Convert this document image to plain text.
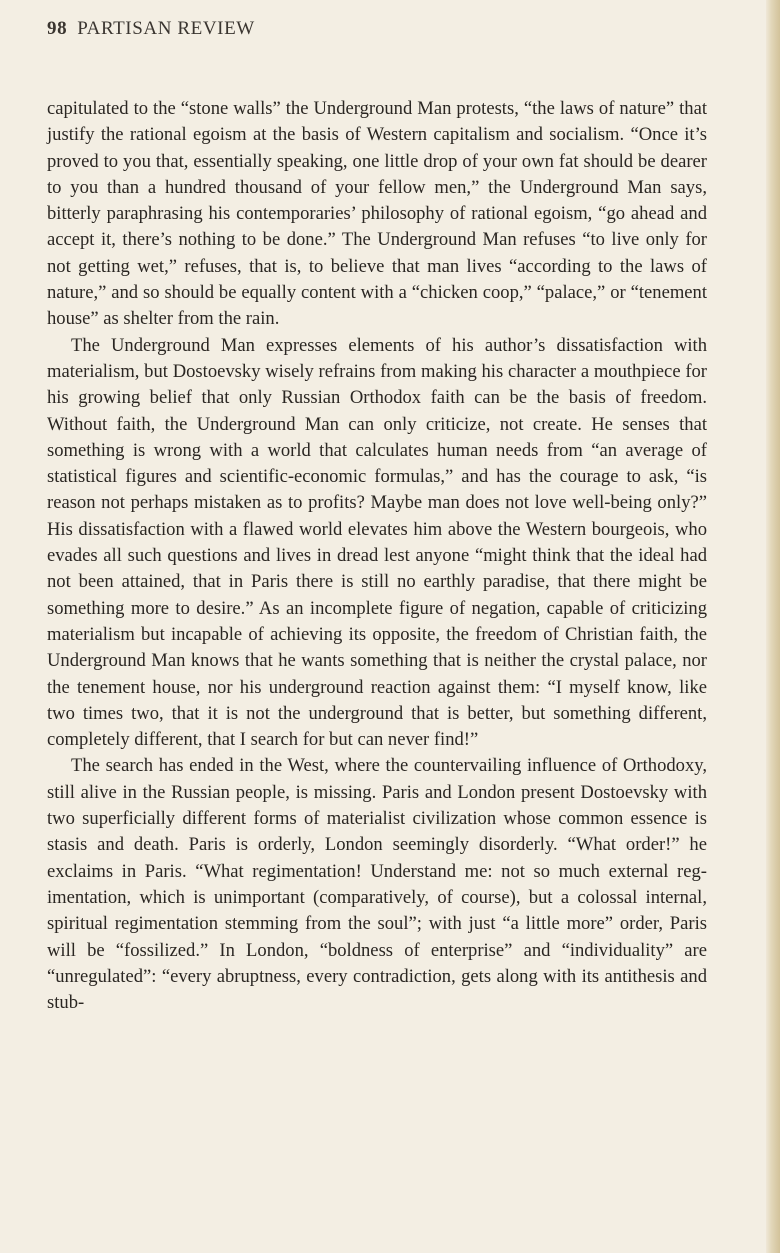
98 PARTISAN REVIEW

capitulated to the “stone walls” the Underground Man protests, “the laws of nature” that justify the rational egoism at the basis of Western capitalism and socialism. “Once it’s proved to you that, essentially speaking, one little drop of your own fat should be dearer to you than a hundred thousand of your fellow men,” the Underground Man says, bitterly paraphrasing his contemporaries’ philosophy of rational egoism, “go ahead and accept it, there’s nothing to be done.” The Underground Man refuses “to live only for not getting wet,” refuses, that is, to believe that man lives “according to the laws of nature,” and so should be equally content with a “chicken coop,” “palace,” or “tenement house” as shelter from the rain.

The Underground Man expresses elements of his author’s dissatisfaction with materialism, but Dostoevsky wisely refrains from making his character a mouthpiece for his growing belief that only Russian Orthodox faith can be the basis of freedom. Without faith, the Underground Man can only criticize, not create. He senses that something is wrong with a world that calculates human needs from “an average of statistical figures and scientific-economic formulas,” and has the courage to ask, “is reason not perhaps mistaken as to profits? Maybe man does not love well-being only?” His dissatisfaction with a flawed world elevates him above the Western bourgeois, who evades all such questions and lives in dread lest anyone “might think that the ideal had not been attained, that in Paris there is still no earthly paradise, that there might be something more to desire.” As an incomplete figure of negation, capable of criticizing materialism but incapable of achieving its opposite, the freedom of Christian faith, the Underground Man knows that he wants something that is neither the crystal palace, nor the tenement house, nor his underground reaction against them: “I myself know, like two times two, that it is not the underground that is better, but something different, completely different, that I search for but can never find!”

The search has ended in the West, where the countervailing influence of Orthodoxy, still alive in the Russian people, is missing. Paris and London present Dostoevsky with two superficially different forms of materialist civilization whose common essence is stasis and death. Paris is orderly, London seemingly disorderly. “What order!” he exclaims in Paris. “What regimentation! Understand me: not so much external regimentation, which is unimportant (comparatively, of course), but a colossal internal, spiritual regimentation stemming from the soul”; with just “a little more” order, Paris will be “fossilized.” In London, “boldness of enterprise” and “individuality” are “unregulated”: “every abruptness, every contradiction, gets along with its antithesis and stub-
